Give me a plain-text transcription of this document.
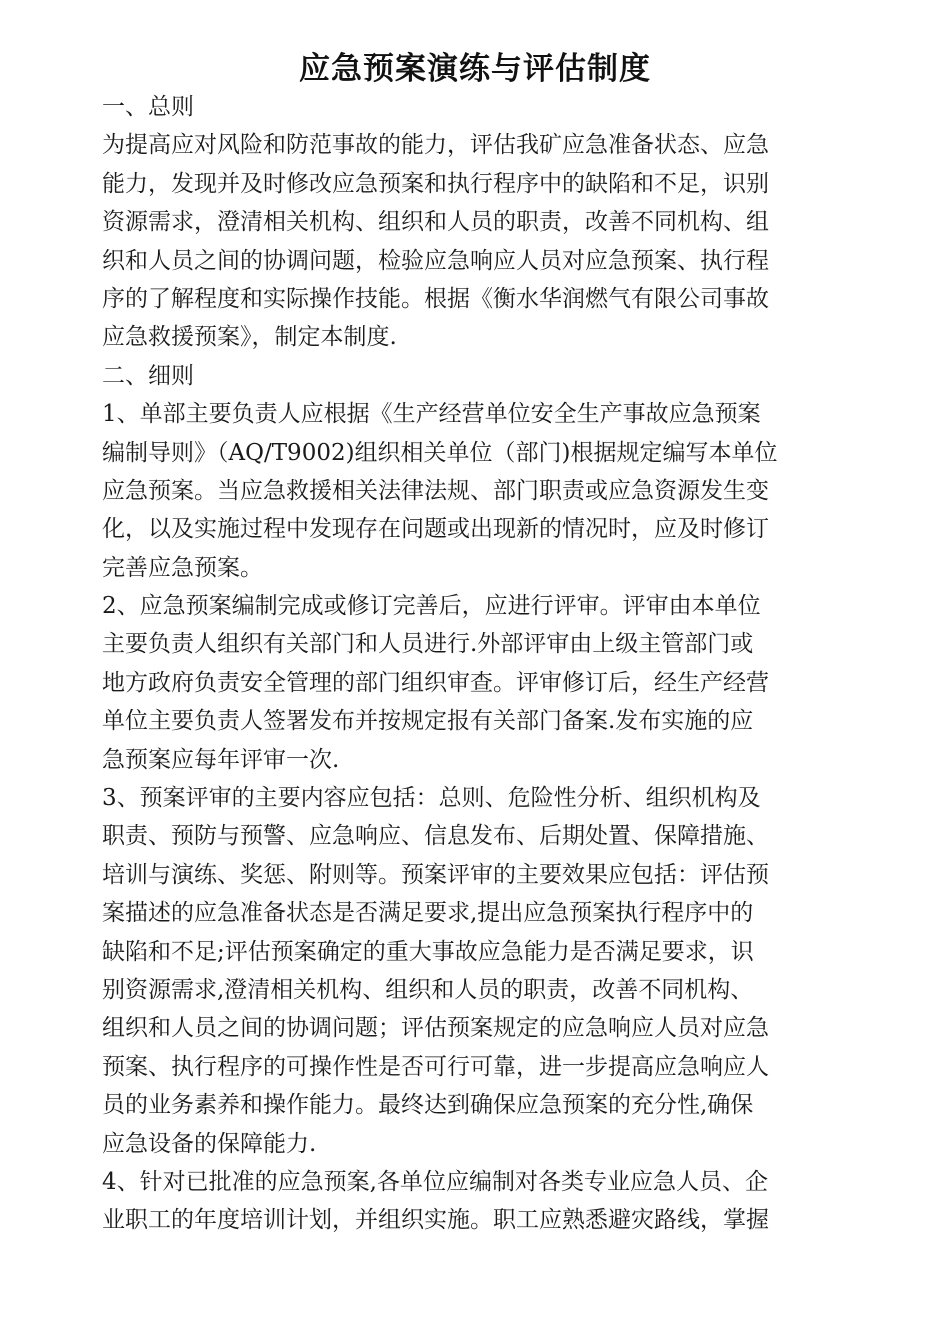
应急预案演练与评估制度
一、总则
为提高应对风险和防范事故的能力，评估我矿应急准备状态、应急
能力，发现并及时修改应急预案和执行程序中的缺陷和不足，识别
资源需求，澄清相关机构、组织和人员的职责，改善不同机构、组
织和人员之间的协调问题，检验应急响应人员对应急预案、执行程
序的了解程度和实际操作技能。根据《衡水华润燃气有限公司事故
应急救援预案》，制定本制度.
二、细则
1、单部主要负责人应根据《生产经营单位安全生产事故应急预案
编制导则》（AQ/T9002)组织相关单位（部门)根据规定编写本单位
应急预案。当应急救援相关法律法规、部门职责或应急资源发生变
化，以及实施过程中发现存在问题或出现新的情况时，应及时修订
完善应急预案。
2、应急预案编制完成或修订完善后，应进行评审。评审由本单位
主要负责人组织有关部门和人员进行.外部评审由上级主管部门或
地方政府负责安全管理的部门组织审查。评审修订后，经生产经营
单位主要负责人签署发布并按规定报有关部门备案.发布实施的应
急预案应每年评审一次.
3、预案评审的主要内容应包括：总则、危险性分析、组织机构及
职责、预防与预警、应急响应、信息发布、后期处置、保障措施、
培训与演练、奖惩、附则等。预案评审的主要效果应包括：评估预
案描述的应急准备状态是否满足要求,提出应急预案执行程序中的
缺陷和不足;评估预案确定的重大事故应急能力是否满足要求，识
别资源需求,澄清相关机构、组织和人员的职责，改善不同机构、
组织和人员之间的协调问题；评估预案规定的应急响应人员对应急
预案、执行程序的可操作性是否可行可靠，进一步提高应急响应人
员的业务素养和操作能力。最终达到确保应急预案的充分性,确保
应急设备的保障能力.
4、针对已批准的应急预案,各单位应编制对各类专业应急人员、企
业职工的年度培训计划，并组织实施。职工应熟悉避灾路线，掌握
